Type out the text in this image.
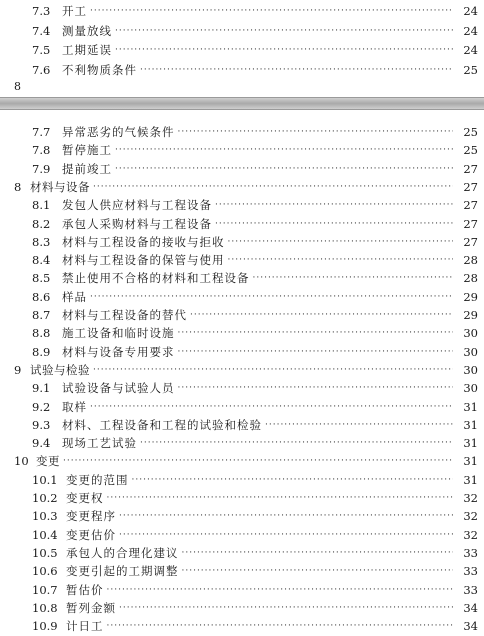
7.3	开工 ·····	24
7.4	测量放线 ·····	24
7.5	工期延误 ·····	24
7.6	不利物质条件 ·····	25
8
7.7	异常恶劣的气候条件 ·····	25
7.8	暂停施工 ·····	25
7.9	提前竣工 ·····	27
8 材料与设备 ·····	27
8.1	发包人供应材料与工程设备 ·····	27
8.2	承包人采购材料与工程设备 ·····	27
8.3	材料与工程设备的接收与拒收 ·····	27
8.4	材料与工程设备的保管与使用 ·····	28
8.5	禁止使用不合格的材料和工程设备 ·····	28
8.6	样品 ·····	29
8.7	材料与工程设备的替代 ·····	29
8.8	施工设备和临时设施 ·····	30
8.9	材料与设备专用要求 ·····	30
9 试验与检验 ·····	30
9.1	试验设备与试验人员 ·····	30
9.2	取样 ·····	31
9.3	材料、工程设备和工程的试验和检验 ·····	31
9.4	现场工艺试验 ·····	31
10 变更 ·····	31
10.1 变更的范围 ·····	31
10.2 变更权 ·····	32
10.3 变更程序 ·····	32
10.4 变更估价 ·····	32
10.5 承包人的合理化建议 ·····	33
10.6 变更引起的工期调整 ·····	33
10.7 暂估价 ·····	33
10.8 暂列金额 ·····	34
10.9 计日工 ·····	34
